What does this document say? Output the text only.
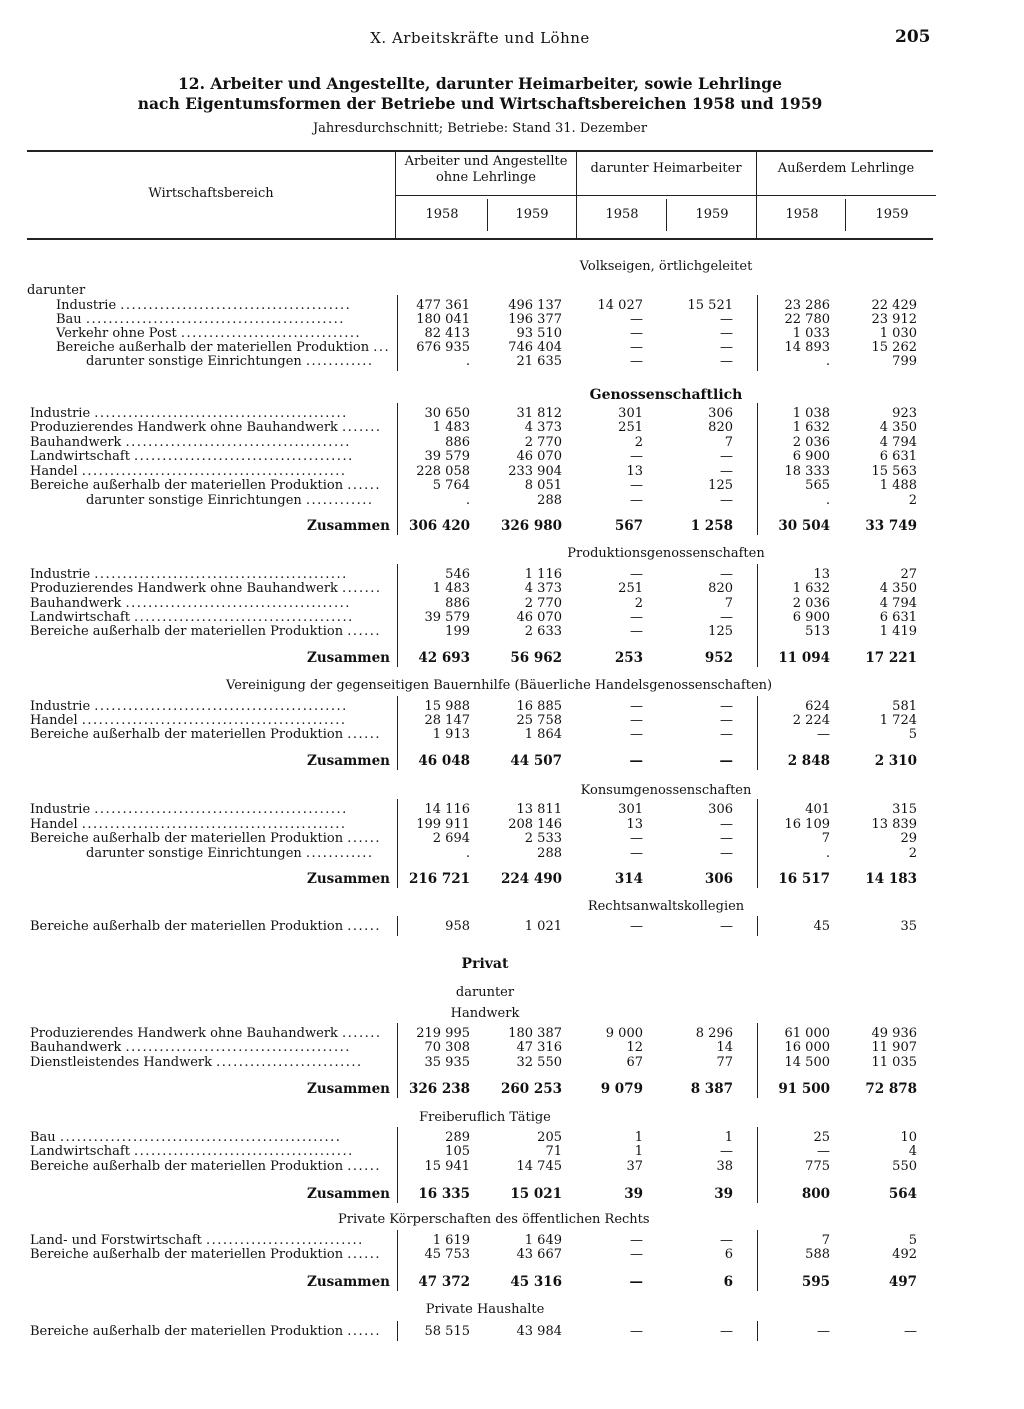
X. Arbeitskräfte und Löhne	205
12. Arbeiter und Angestellte, darunter Heimarbeiter, sowie Lehrlinge
nach Eigentumsformen der Betriebe und Wirtschaftsbereichen 1958 und 1959
Jahresdurchschnitt; Betriebe: Stand 31. Dezember
Wirtschaftsbereich
Arbeiter und Angestellte ohne Lehrlinge
darunter Heimarbeiter	Außerdem Lehrlinge
1958	1959	1958	1959	1958	1959
Volkseigen, örtlichgeleitet
Genossenschaftlich
Produktionsgenossenschaften
Vereinigung der gegenseitigen Bauernhilfe (Bäuerliche Handelsgenossenschaften)
Konsumgenossenschaften
Rechtsanwaltskollegien
Privat
darunter
Handwerk
Freiberuflich Tätige
Private Körperschaften des öffentlichen Rechts
Private Haushalte
darunter
Industrie .........................................	477 361	496 137	14 027	15 521	23 286	22 429
Bau ..............................................	180 041	196 377	—	—	22 780	23 912
Verkehr ohne Post ................................	82 413	93 510	—	—	1 033	1 030
Bereiche außerhalb der materiellen Produktion ...	676 935	746 404	—	—	14 893	15 262
darunter sonstige Einrichtungen ............	.	21 635	—	—	.	799
Industrie .............................................	30 650	31 812	301	306	1 038	923
Produzierendes Handwerk ohne Bauhandwerk .......	1 483	4 373	251	820	1 632	4 350
Bauhandwerk ........................................	886	2 770	2	7	2 036	4 794
Landwirtschaft .......................................	39 579	46 070	—	—	6 900	6 631
Handel ...............................................	228 058	233 904	13	—	18 333	15 563
Bereiche außerhalb der materiellen Produktion ......	5 764	8 051	—	125	565	1 488
darunter sonstige Einrichtungen ............	.	288	—	—	.	2
Zusammen	306 420	326 980	567	1 258	30 504	33 749
Industrie .............................................	546	1 116	—	—	13	27
Produzierendes Handwerk ohne Bauhandwerk .......	1 483	4 373	251	820	1 632	4 350
Bauhandwerk ........................................	886	2 770	2	7	2 036	4 794
Landwirtschaft .......................................	39 579	46 070	—	—	6 900	6 631
Bereiche außerhalb der materiellen Produktion ......	199	2 633	—	125	513	1 419
Zusammen	42 693	56 962	253	952	11 094	17 221
Industrie .............................................	15 988	16 885	—	—	624	581
Handel ...............................................	28 147	25 758	—	—	2 224	1 724
Bereiche außerhalb der materiellen Produktion ......	1 913	1 864	—	—	—	5
Zusammen	46 048	44 507	—	—	2 848	2 310
Industrie .............................................	14 116	13 811	301	306	401	315
Handel ...............................................	199 911	208 146	13	—	16 109	13 839
Bereiche außerhalb der materiellen Produktion ......	2 694	2 533	—	—	7	29
darunter sonstige Einrichtungen ............	.	288	—	—	.	2
Zusammen	216 721	224 490	314	306	16 517	14 183
Bereiche außerhalb der materiellen Produktion ......	958	1 021	—	—	45	35
Produzierendes Handwerk ohne Bauhandwerk .......	219 995	180 387	9 000	8 296	61 000	49 936
Bauhandwerk ........................................	70 308	47 316	12	14	16 000	11 907
Dienstleistendes Handwerk ..........................	35 935	32 550	67	77	14 500	11 035
Zusammen	326 238	260 253	9 079	8 387	91 500	72 878
Bau ..................................................	289	205	1	1	25	10
Landwirtschaft .......................................	105	71	1	—	—	4
Bereiche außerhalb der materiellen Produktion ......	15 941	14 745	37	38	775	550
Zusammen	16 335	15 021	39	39	800	564
Land- und Forstwirtschaft ............................	1 619	1 649	—	—	7	5
Bereiche außerhalb der materiellen Produktion ......	45 753	43 667	—	6	588	492
Zusammen	47 372	45 316	—	6	595	497
Bereiche außerhalb der materiellen Produktion ......	58 515	43 984	—	—	—	—
